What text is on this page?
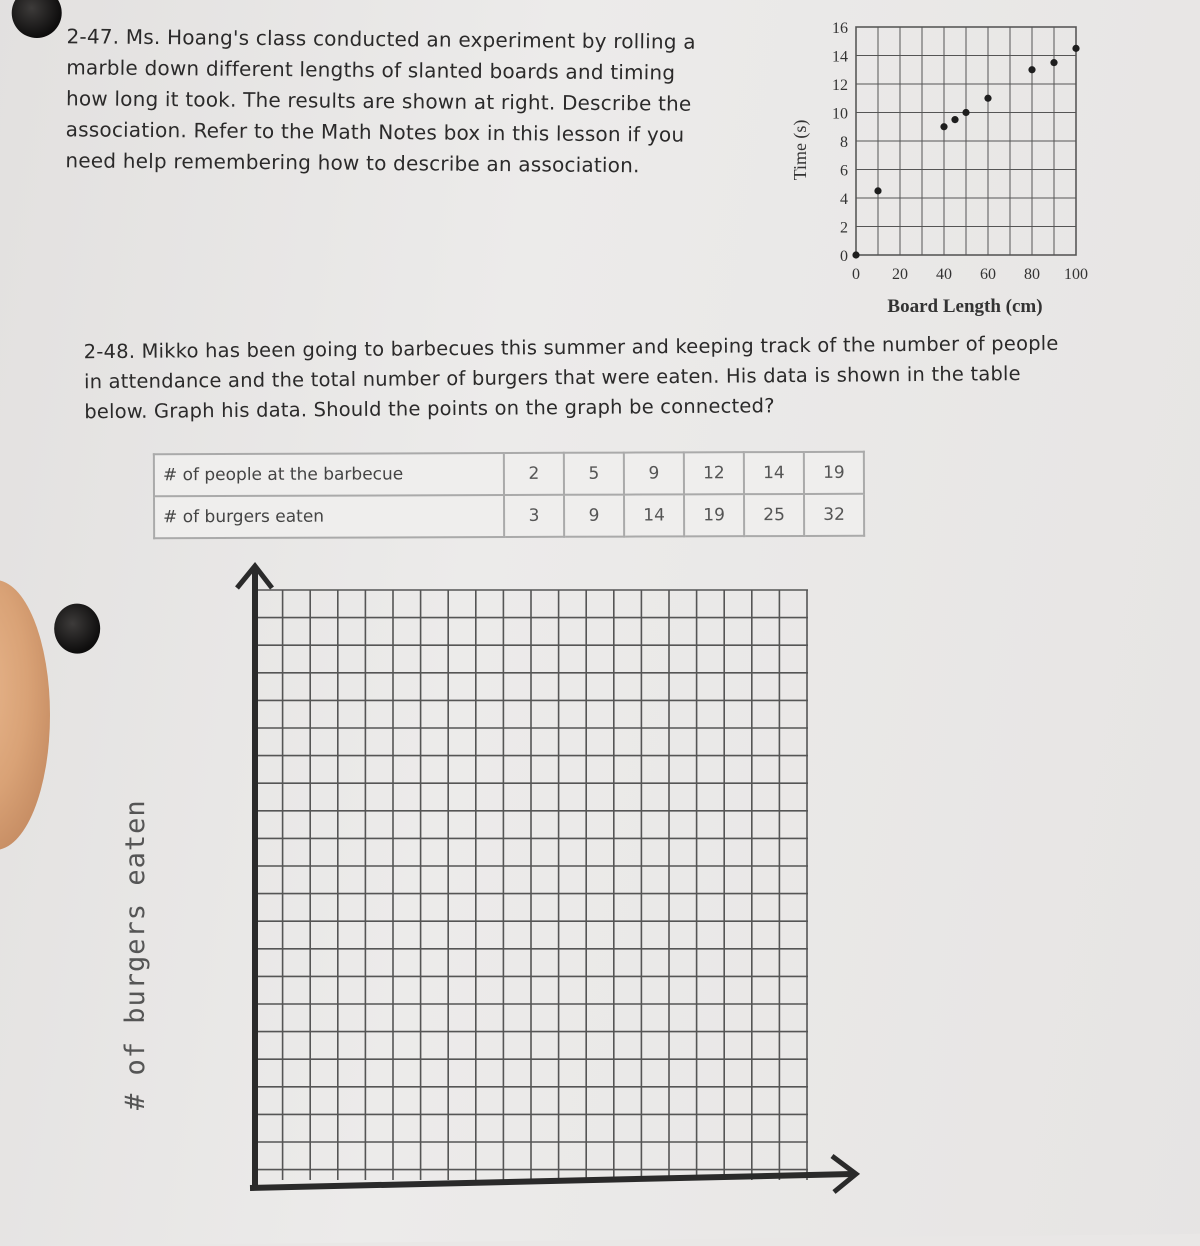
2-47. Ms. Hoang's class conducted an experiment by rolling a
marble down different lengths of slanted boards and timing
how long it took. The results are shown at right. Describe the
association. Refer to the Math Notes box in this lesson if you
need help remembering how to describe an association.
0 20 40 60 80 100
0
2
4
6
8
10
12
14
16
Board Length (cm)
Time (s)
2-48. Mikko has been going to barbecues this summer and keeping track of the number of people
in attendance and the total number of burgers that were eaten. His data is shown in the table
below. Graph his data. Should the points on the graph be connected?
# of people at the barbecue	2	5	9	12	14	19
# of burgers eaten	3	9	14	19	25	32
# of burgers eaten
